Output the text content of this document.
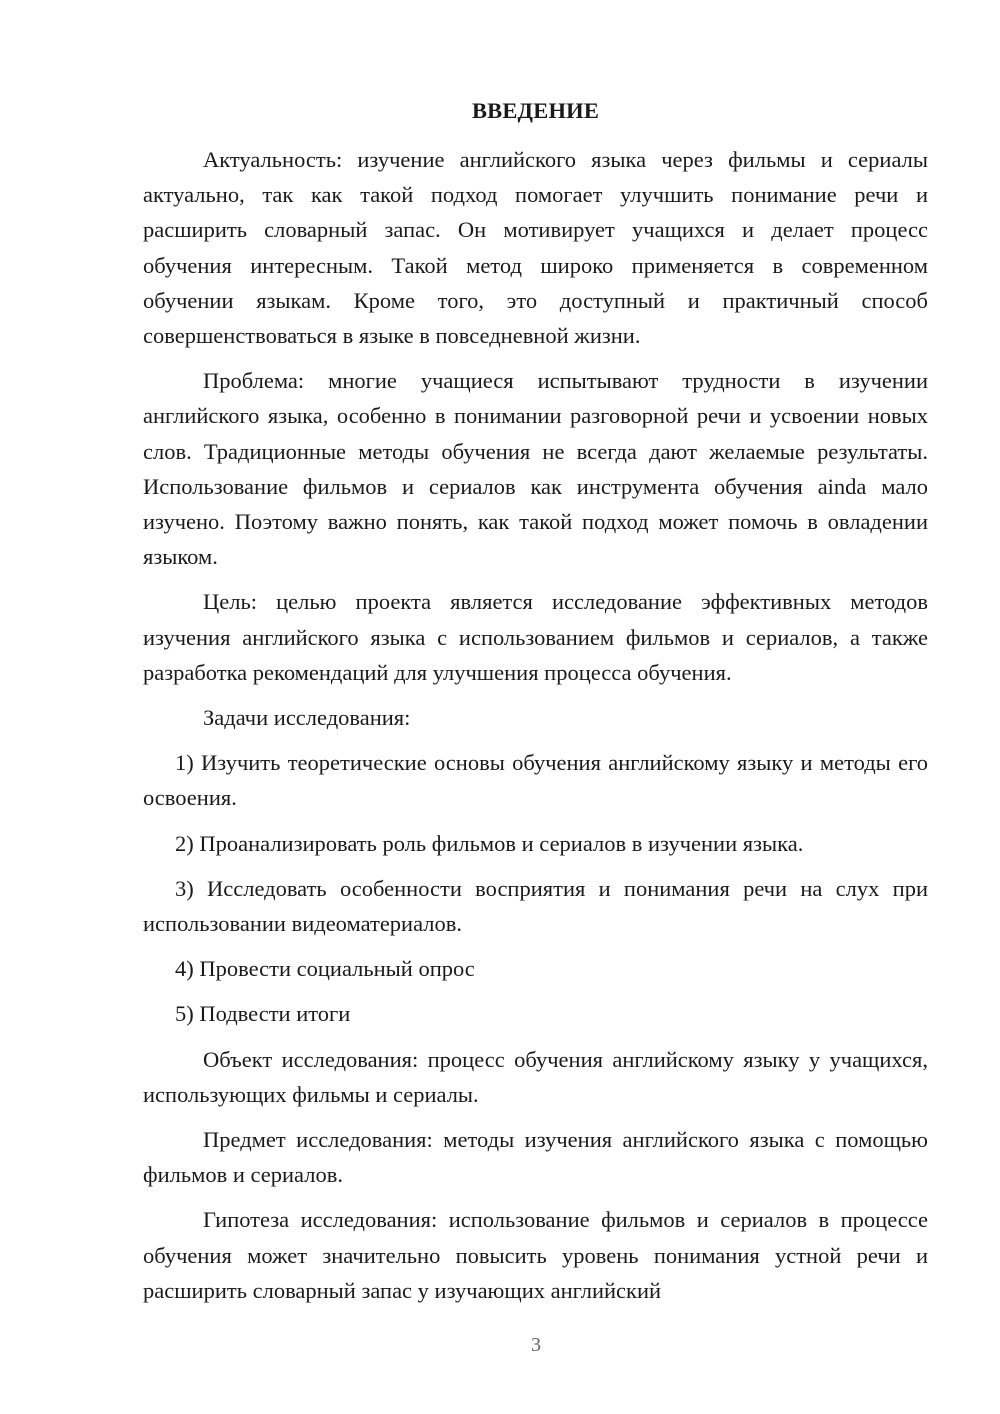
ВВЕДЕНИЕ

Актуальность: изучение английского языка через фильмы и сериалы актуально, так как такой подход помогает улучшить понимание речи и расширить словарный запас. Он мотивирует учащихся и делает процесс обучения интересным. Такой метод широко применяется в современном обучении языкам. Кроме того, это доступный и практичный способ совершенствоваться в языке в повседневной жизни.

Проблема: многие учащиеся испытывают трудности в изучении английского языка, особенно в понимании разговорной речи и усвоении новых слов. Традиционные методы обучения не всегда дают желаемые результаты. Использование фильмов и сериалов как инструмента обучения ainda мало изучено. Поэтому важно понять, как такой подход может помочь в овладении языком.

Цель: целью проекта является исследование эффективных методов изучения английского языка с использованием фильмов и сериалов, а также разработка рекомендаций для улучшения процесса обучения.

Задачи исследования:

1) Изучить теоретические основы обучения английскому языку и методы его освоения.

2) Проанализировать роль фильмов и сериалов в изучении языка.

3) Исследовать особенности восприятия и понимания речи на слух при использовании видеоматериалов.

4) Провести социальный опрос

5) Подвести итоги

Объект исследования: процесс обучения английскому языку у учащихся, использующих фильмы и сериалы.

Предмет исследования: методы изучения английского языка с помощью фильмов и сериалов.

Гипотеза исследования: использование фильмов и сериалов в процессе обучения может значительно повысить уровень понимания устной речи и расширить словарный запас у изучающих английский

3
